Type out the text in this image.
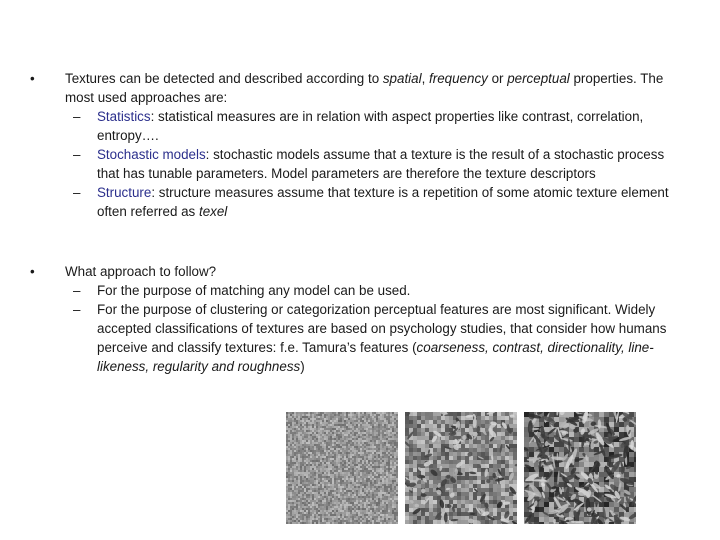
•	Textures can be detected and described according to spatial, frequency or perceptual properties. The most used approaches are:
– Statistics: statistical measures are in relation with aspect properties like contrast, correlation, entropy….
– Stochastic models: stochastic models assume that a texture is the result of a stochastic process that has tunable parameters. Model parameters are therefore the texture descriptors
– Structure: structure measures assume that texture is a repetition of some atomic texture element often referred as texel
•	What approach to follow?
– For the purpose of matching any model can be used.
– For the purpose of clustering or categorization perceptual features are most significant. Widely accepted classifications of textures are based on psychology studies, that consider how humans perceive and classify textures: f.e. Tamura’s features (coarseness, contrast, directionality, line-likeness, regularity and roughness)
